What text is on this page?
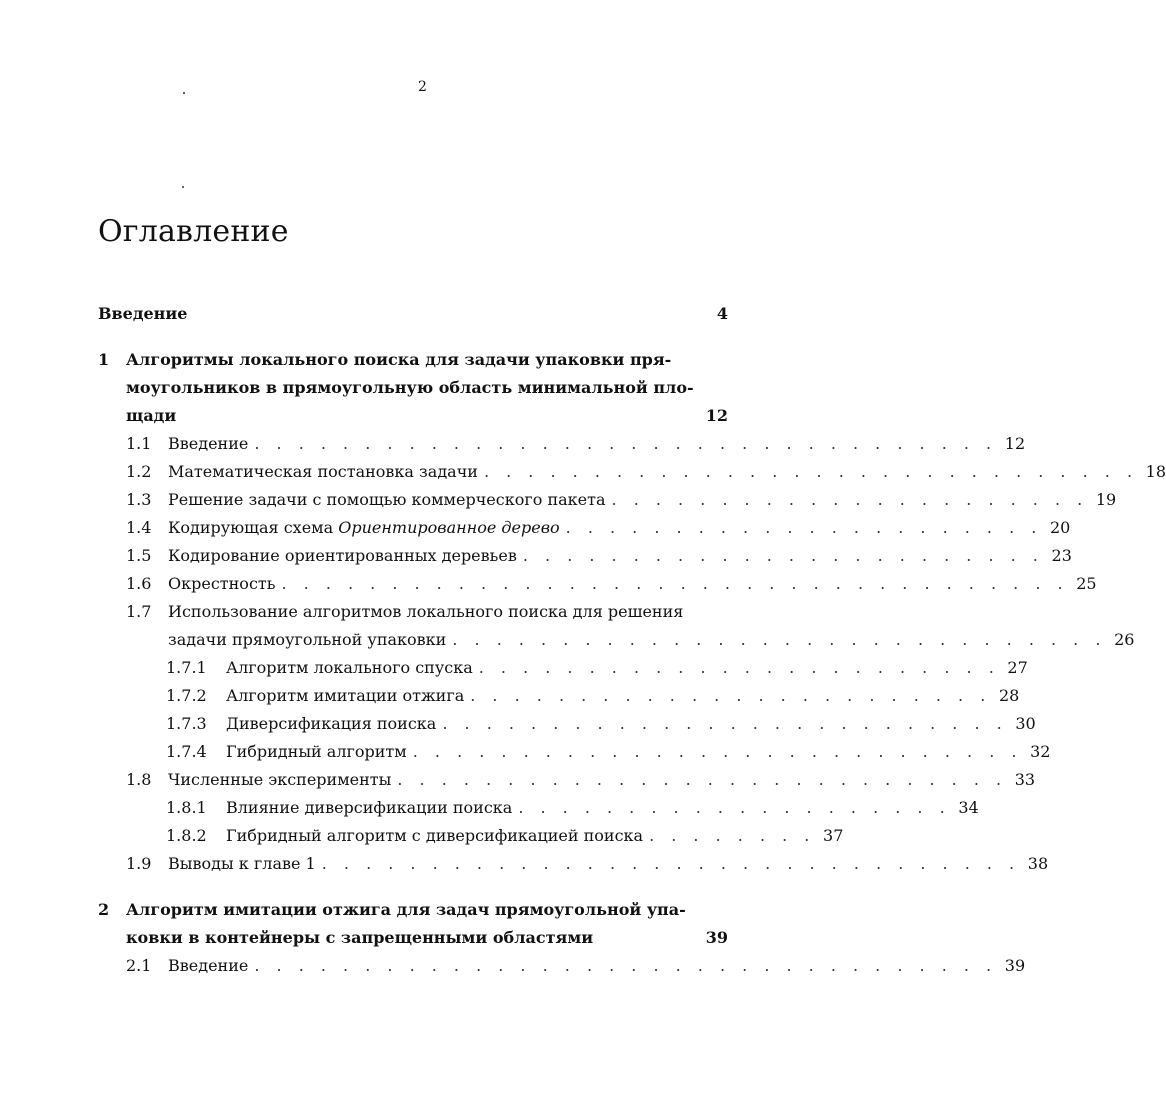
2
Оглавление
Введение	4
1 Алгоритмы локального поиска для задачи упаковки пря-
моугольников в прямоугольную область минимальной пло-
щади	12
1.1	Введение . . . . . . . . . . . . . . . . . . . . . . . . . . . . . . . . . . 12
1.2	Математическая постановка задачи . . . . . . . . . . . . . . . . . . . . . . . . . . . . . . 18
1.3	Решение задачи с помощью коммерческого пакета . . . . . . . . . . . . . . . . . . . . . . 19
1.4	Кодирующая схема Ориентированное дерево . . . . . . . . . . . . . . . . . . . . . . 20
1.5	Кодирование ориентированных деревьев . . . . . . . . . . . . . . . . . . . . . . . . 23
1.6	Окрестность . . . . . . . . . . . . . . . . . . . . . . . . . . . . . . . . . . . . 25
1.7	Использование алгоритмов локального поиска для решения
задачи прямоугольной упаковки . . . . . . . . . . . . . . . . . . . . . . . . . . . . . . 26
1.7.1	Алгоритм локального спуска . . . . . . . . . . . . . . . . . . . . . . . . 27
1.7.2	Алгоритм имитации отжига . . . . . . . . . . . . . . . . . . . . . . . . 28
1.7.3	Диверсификация поиска . . . . . . . . . . . . . . . . . . . . . . . . . . 30
1.7.4	Гибридный алгоритм . . . . . . . . . . . . . . . . . . . . . . . . . . . . 32
1.8	Численные эксперименты . . . . . . . . . . . . . . . . . . . . . . . . . . . . 33
1.8.1	Влияние диверсификации поиска . . . . . . . . . . . . . . . . . . . . 34
1.8.2	Гибридный алгоритм с диверсификацией поиска . . . . . . . . 37
1.9	Выводы к главе 1 . . . . . . . . . . . . . . . . . . . . . . . . . . . . . . . . 38
2 Алгоритм имитации отжига для задач прямоугольной упа-
ковки в контейнеры с запрещенными областями	39
2.1	Введение . . . . . . . . . . . . . . . . . . . . . . . . . . . . . . . . . . 39
